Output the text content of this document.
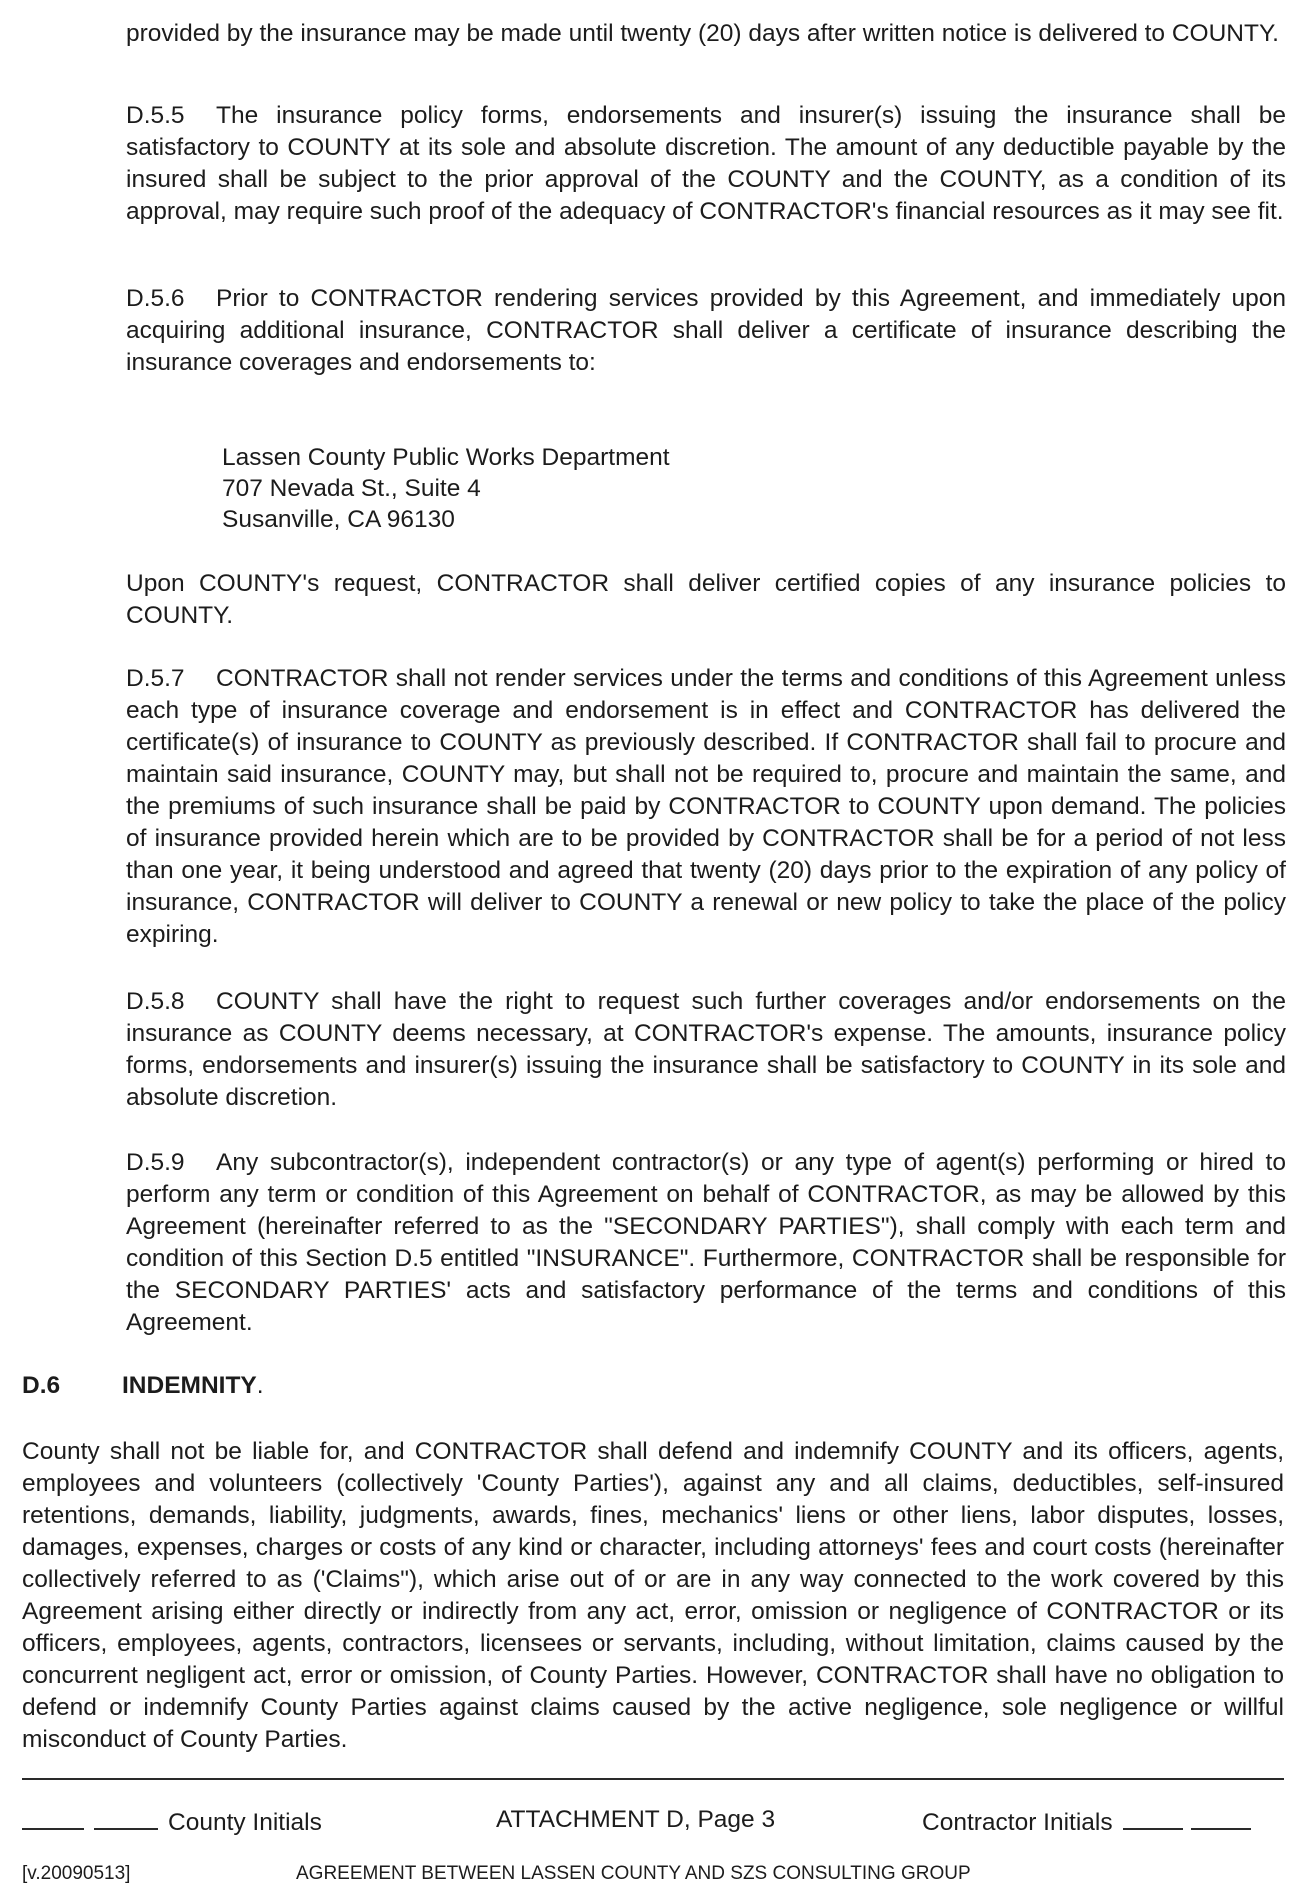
provided by the insurance may be made until twenty (20) days after written notice is delivered to COUNTY.

D.5.5 The insurance policy forms, endorsements and insurer(s) issuing the insurance shall be satisfactory to COUNTY at its sole and absolute discretion. The amount of any deductible payable by the insured shall be subject to the prior approval of the COUNTY and the COUNTY, as a condition of its approval, may require such proof of the adequacy of CONTRACTOR's financial resources as it may see fit.

D.5.6 Prior to CONTRACTOR rendering services provided by this Agreement, and immediately upon acquiring additional insurance, CONTRACTOR shall deliver a certificate of insurance describing the insurance coverages and endorsements to:

Lassen County Public Works Department
707 Nevada St., Suite 4
Susanville, CA 96130

Upon COUNTY's request, CONTRACTOR shall deliver certified copies of any insurance policies to COUNTY.

D.5.7 CONTRACTOR shall not render services under the terms and conditions of this Agreement unless each type of insurance coverage and endorsement is in effect and CONTRACTOR has delivered the certificate(s) of insurance to COUNTY as previously described. If CONTRACTOR shall fail to procure and maintain said insurance, COUNTY may, but shall not be required to, procure and maintain the same, and the premiums of such insurance shall be paid by CONTRACTOR to COUNTY upon demand. The policies of insurance provided herein which are to be provided by CONTRACTOR shall be for a period of not less than one year, it being understood and agreed that twenty (20) days prior to the expiration of any policy of insurance, CONTRACTOR will deliver to COUNTY a renewal or new policy to take the place of the policy expiring.

D.5.8 COUNTY shall have the right to request such further coverages and/or endorsements on the insurance as COUNTY deems necessary, at CONTRACTOR's expense. The amounts, insurance policy forms, endorsements and insurer(s) issuing the insurance shall be satisfactory to COUNTY in its sole and absolute discretion.

D.5.9 Any subcontractor(s), independent contractor(s) or any type of agent(s) performing or hired to perform any term or condition of this Agreement on behalf of CONTRACTOR, as may be allowed by this Agreement (hereinafter referred to as the "SECONDARY PARTIES"), shall comply with each term and condition of this Section D.5 entitled "INSURANCE". Furthermore, CONTRACTOR shall be responsible for the SECONDARY PARTIES' acts and satisfactory performance of the terms and conditions of this Agreement.

D.6	INDEMNITY.

County shall not be liable for, and CONTRACTOR shall defend and indemnify COUNTY and its officers, agents, employees and volunteers (collectively 'County Parties'), against any and all claims, deductibles, self-insured retentions, demands, liability, judgments, awards, fines, mechanics' liens or other liens, labor disputes, losses, damages, expenses, charges or costs of any kind or character, including attorneys' fees and court costs (hereinafter collectively referred to as ('Claims"), which arise out of or are in any way connected to the work covered by this Agreement arising either directly or indirectly from any act, error, omission or negligence of CONTRACTOR or its officers, employees, agents, contractors, licensees or servants, including, without limitation, claims caused by the concurrent negligent act, error or omission, of County Parties. However, CONTRACTOR shall have no obligation to defend or indemnify County Parties against claims caused by the active negligence, sole negligence or willful misconduct of County Parties.

County Initials	ATTACHMENT D, Page 3	Contractor Initials
[v.20090513]	AGREEMENT BETWEEN LASSEN COUNTY AND SZS CONSULTING GROUP
